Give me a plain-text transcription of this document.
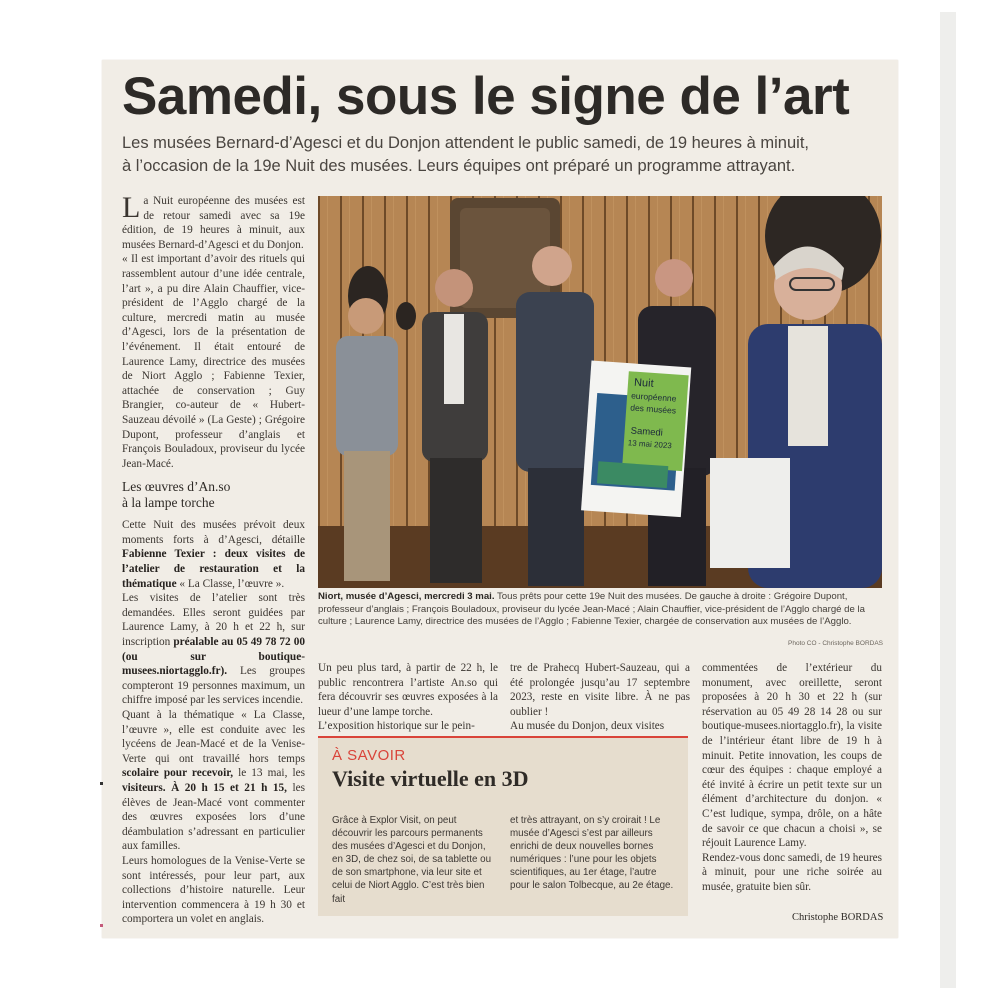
Samedi, sous le signe de l’art

Les musées Bernard-d’Agesci et du Donjon attendent le public samedi, de 19 heures à minuit,

à l’occasion de la 19e Nuit des musées. Leurs équipes ont préparé un programme attrayant.

La Nuit européenne des musées est de retour samedi avec sa 19e édition, de 19 heures à minuit, aux musées Bernard-d’Agesci et du Donjon.

« Il est important d’avoir des rituels qui rassemblent autour d’une idée centrale, l’art », a pu dire Alain Chauffier, vice-président de l’Agglo chargé de la culture, mercredi matin au musée d’Agesci, lors de la présentation de l’événement. Il était entouré de Laurence Lamy, directrice des musées de Niort Agglo ; Fabienne Texier, attachée de conservation ; Guy Brangier, co-auteur de « Hubert-Sauzeau dévoilé » (La Geste) ; Grégoire Dupont, professeur d’anglais et François Bouladoux, proviseur du lycée Jean-Macé.

Les œuvres d’An.so
à la lampe torche

Cette Nuit des musées prévoit deux moments forts à d’Agesci, détaille Fabienne Texier : deux visites de l’atelier de restauration et la thématique « La Classe, l’œuvre ».

Les visites de l’atelier sont très demandées. Elles seront guidées par Laurence Lamy, à 20 h et 22 h, sur inscription préalable au 05 49 78 72 00 (ou sur boutique-musees.niortagglo.fr). Les groupes compteront 19 personnes maximum, un chiffre imposé par les services incendie.

Quant à la thématique « La Classe, l’œuvre », elle est conduite avec les lycéens de Jean-Macé et de la Venise-Verte qui ont travaillé hors temps scolaire pour recevoir, le 13 mai, les visiteurs. À 20 h 15 et 21 h 15, les élèves de Jean-Macé vont commenter des œuvres exposées lors d’une déambulation s’adressant en particulier aux familles.

Leurs homologues de la Venise-Verte se sont intéressés, pour leur part, aux collections d’histoire naturelle. Leur intervention commencera à 19 h 30 et comportera un volet en anglais.

Nuit
européenne
des musées
Samedi
13 mai 2023

Niort, musée d’Agesci, mercredi 3 mai. Tous prêts pour cette 19e Nuit des musées. De gauche à droite : Grégoire Dupont, professeur d’anglais ; François Bouladoux, proviseur du lycée Jean-Macé ; Alain Chauffier, vice-président de l’Agglo chargé de la culture ; Laurence Lamy, directrice des musées de l’Agglo ; Fabienne Texier, chargée de conservation aux musées de l’Agglo.

Photo CO - Christophe BORDAS

Un peu plus tard, à partir de 22 h, le public rencontrera l’artiste An.so qui fera découvrir ses œuvres exposées à la lueur d’une lampe torche.

L’exposition historique sur le pein-

tre de Prahecq Hubert-Sauzeau, qui a été prolongée jusqu’au 17 septembre 2023, reste en visite libre. À ne pas oublier !

Au musée du Donjon, deux visites

commentées de l’extérieur du monument, avec oreillette, seront proposées à 20 h 30 et 22 h (sur réservation au 05 49 28 14 28 ou sur boutique-musees.niortagglo.fr), la visite de l’intérieur étant libre de 19 h à minuit. Petite innovation, les coups de cœur des équipes : chaque employé a été invité à écrire un petit texte sur un élément d’architecture du donjon. « C’est ludique, sympa, drôle, on a hâte de savoir ce que chacun a choisi », se réjouit Laurence Lamy.

Rendez-vous donc samedi, de 19 heures à minuit, pour une riche soirée au musée, gratuite bien sûr.

À SAVOIR
Visite virtuelle en 3D

Grâce à Explor Visit, on peut découvrir les parcours permanents des musées d’Agesci et du Donjon, en 3D, de chez soi, de sa tablette ou de son smartphone, via leur site et celui de Niort Agglo. C’est très bien fait

et très attrayant, on s’y croirait ! Le musée d’Agesci s’est par ailleurs enrichi de deux nouvelles bornes numériques : l’une pour les objets scientifiques, au 1er étage, l’autre pour le salon Tolbecque, au 2e étage.

Christophe BORDAS
